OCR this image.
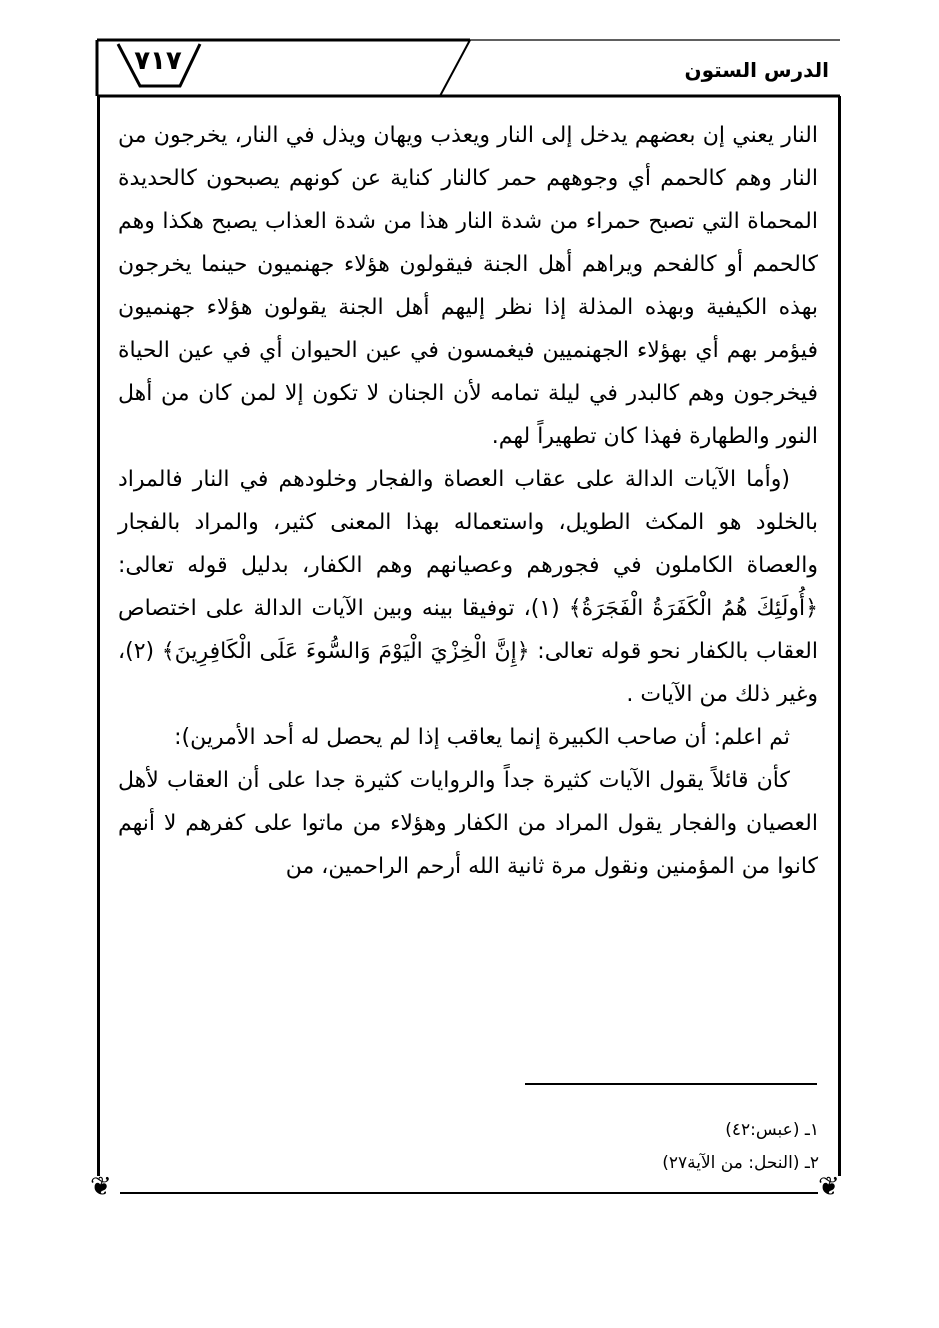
٧١٧	الدرس الستون
❦	❦

النار يعني إن بعضهم يدخل إلى النار ويعذب ويهان ويذل في النار، يخرجون من النار وهم كالحمم أي وجوههم حمر كالنار كناية عن كونهم يصبحون كالحديدة المحماة التي تصبح حمراء من شدة النار هذا من شدة العذاب يصبح هكذا وهم كالحمم أو كالفحم ويراهم أهل الجنة فيقولون هؤلاء جهنميون حينما يخرجون بهذه الكيفية وبهذه المذلة إذا نظر إليهم أهل الجنة يقولون هؤلاء جهنميون فيؤمر بهم أي بهؤلاء الجهنميين فيغمسون في عين الحيوان أي في عين الحياة فيخرجون وهم كالبدر في ليلة تمامه لأن الجنان لا تكون إلا لمن كان من أهل النور والطهارة فهذا كان تطهيراً لهم.

(وأما الآيات الدالة على عقاب العصاة والفجار وخلودهم في النار فالمراد بالخلود هو المكث الطويل، واستعماله بهذا المعنى كثير، والمراد بالفجار والعصاة الكاملون في فجورهم وعصيانهم وهم الكفار، بدليل قوله تعالى: ﴿أُولَئِكَ هُمُ الْكَفَرَةُ الْفَجَرَةُ﴾ (١)، توفيقا بينه وبين الآيات الدالة على اختصاص العقاب بالكفار نحو قوله تعالى: ﴿إِنَّ الْخِزْيَ الْيَوْمَ وَالسُّوءَ عَلَى الْكَافِرِينَ﴾ (٢)، وغير ذلك من الآيات .

ثم اعلم: أن صاحب الكبيرة إنما يعاقب إذا لم يحصل له أحد الأمرين):

كأن قائلاً يقول الآيات كثيرة جداً والروايات كثيرة جدا على أن العقاب لأهل العصيان والفجار يقول المراد من الكفار وهؤلاء من ماتوا على كفرهم لا أنهم كانوا من المؤمنين ونقول مرة ثانية الله أرحم الراحمين، من

١ـ (عبس:٤٢)
٢ـ (النحل: من الآية٢٧)
